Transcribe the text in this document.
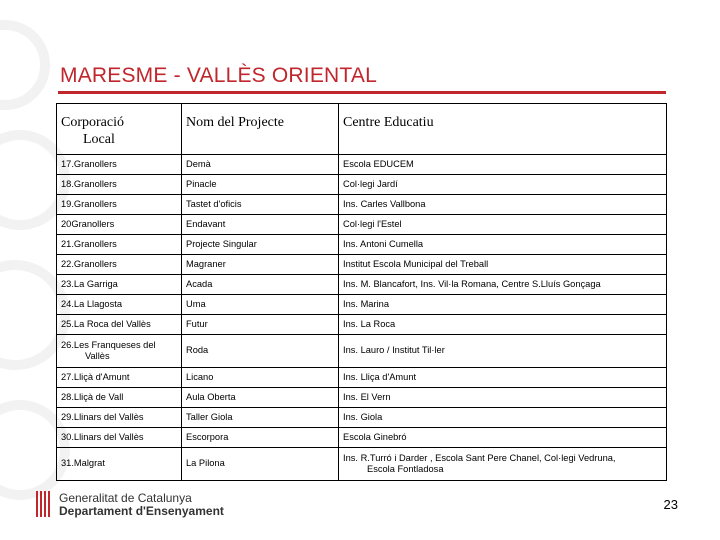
MARESME - VALLÈS ORIENTAL
Corporació
Local	Nom del Projecte	Centre Educatiu
17.Granollers	Demà	Escola EDUCEM
18.Granollers	Pinacle	Col·legi Jardí
19.Granollers	Tastet d'oficis	Ins. Carles Vallbona
20Granollers	Endavant	Col·legi l'Estel
21.Granollers	Projecte Singular	Ins. Antoni Cumella
22.Granollers	Magraner	Institut Escola Municipal del Treball
23.La Garriga	Acada	Ins. M. Blancafort, Ins. Vil·la Romana, Centre S.Lluís Gonçaga
24.La Llagosta	Uma	Ins. Marina
25.La Roca del Vallès	Futur	Ins. La Roca
26.Les Franqueses del
Vallès	Roda	Ins. Lauro / Institut Til·ler
27.Lliçà d'Amunt	Licano	Ins. Lliça d'Amunt
28.Lliçà de Vall	Aula Oberta	Ins. El Vern
29.Llinars del Vallès	Taller Giola	Ins. Giola
30.Llinars del Vallès	Escorpora	Escola Ginebró
31.Malgrat	La Pilona	Ins. R.Turró i Darder , Escola Sant Pere Chanel, Col·legi Vedruna,
Escola Fontladosa
Generalitat de Catalunya
Departament d'Ensenyament	23
